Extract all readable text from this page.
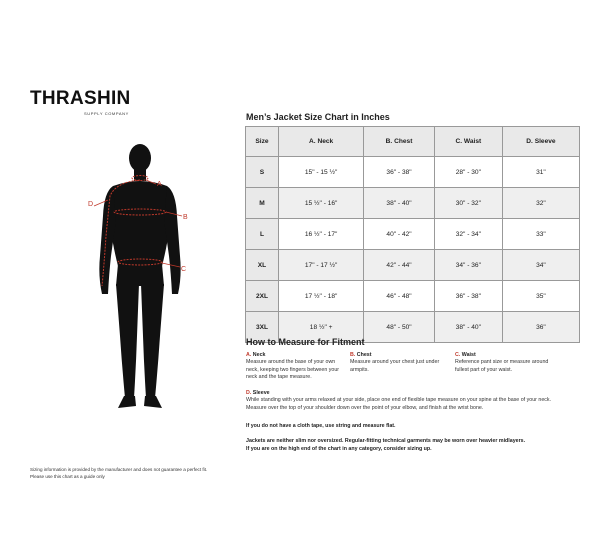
THRASHIN
SUPPLY COMPANY
A
B
C
D
Sizing information is provided by the manufacturer and does not guarantee a perfect fit.
Please use this chart as a guide only
Men’s Jacket Size Chart in Inches
Size	A. Neck	B. Chest	C. Waist	D. Sleeve
S	15" - 15 ½"	36" - 38"	28" - 30"	31"
M	15 ½" - 16"	38" - 40"	30" - 32"	32"
L	16 ½" - 17"	40" - 42"	32" - 34"	33"
XL	17" - 17 ½"	42" - 44"	34" - 36"	34"
2XL	17 ½" - 18"	46" - 48"	36" - 38"	35"
3XL	18 ½" +	48" - 50"	38" - 40"	36"
How to Measure for Fitment
A. Neck
Measure around the base of your own neck, keeping two fingers between your neck and the tape measure.
B. Chest
Measure around your chest just under armpits.
C. Waist
Reference pant size or measure around fullest part of your waist.
D. Sleeve
While standing with your arms relaxed at your side, place one end of flexible tape measure on your spine at the base of your neck. Measure over the top of your shoulder down over the point of your elbow, and finish at the wrist bone.
If you do not have a cloth tape, use string and measure flat.
Jackets are neither slim nor oversized. Regular-fitting technical garments may be worn over heavier midlayers.
If you are on the high end of the chart in any category, consider sizing up.
